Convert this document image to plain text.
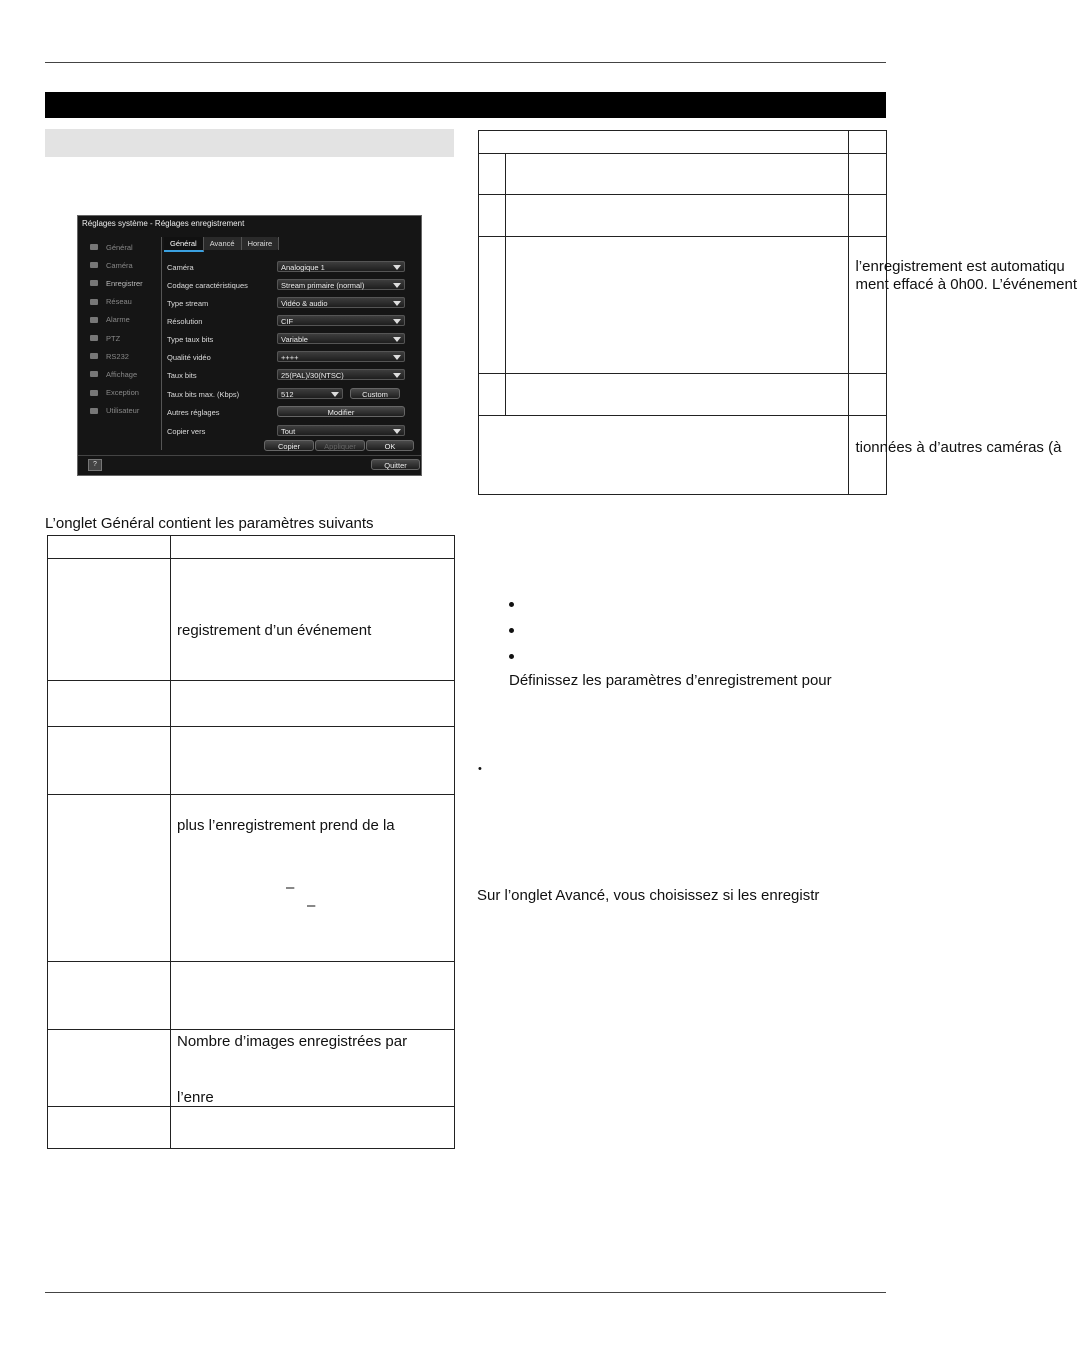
Réglages système - Réglages enregistrement
Général
Caméra
Enregistrer
Réseau
Alarme
PTZ
RS232
Affichage
Exception
Utilisateur
Général	Avancé	Horaire
Caméra	Analogique 1
Codage caractéristiques	Stream primaire (normal)
Type stream	Vidéo & audio
Résolution	CIF
Type taux bits	Variable
Qualité vidéo	++++
Taux bits	25(PAL)/30(NTSC)
Taux bits max. (Kbps)	512	Custom
Autres réglages	Modifier
Copier vers	Tout
Copier	Appliquer	OK
?	Quitter
L’onglet Général contient les paramètres suivants

	registrement d’un événement

	plus l’enregistrement prend de la
–
–

	Nombre d’images enregistrées par
l’enre

		l’enregistrement est automatiqu
ment effacé à 0h00. L’événement

		tionnées à d’autres caméras (à
Définissez les paramètres d’enregistrement pour
•
Sur l’onglet Avancé, vous choisissez si les enregistr
